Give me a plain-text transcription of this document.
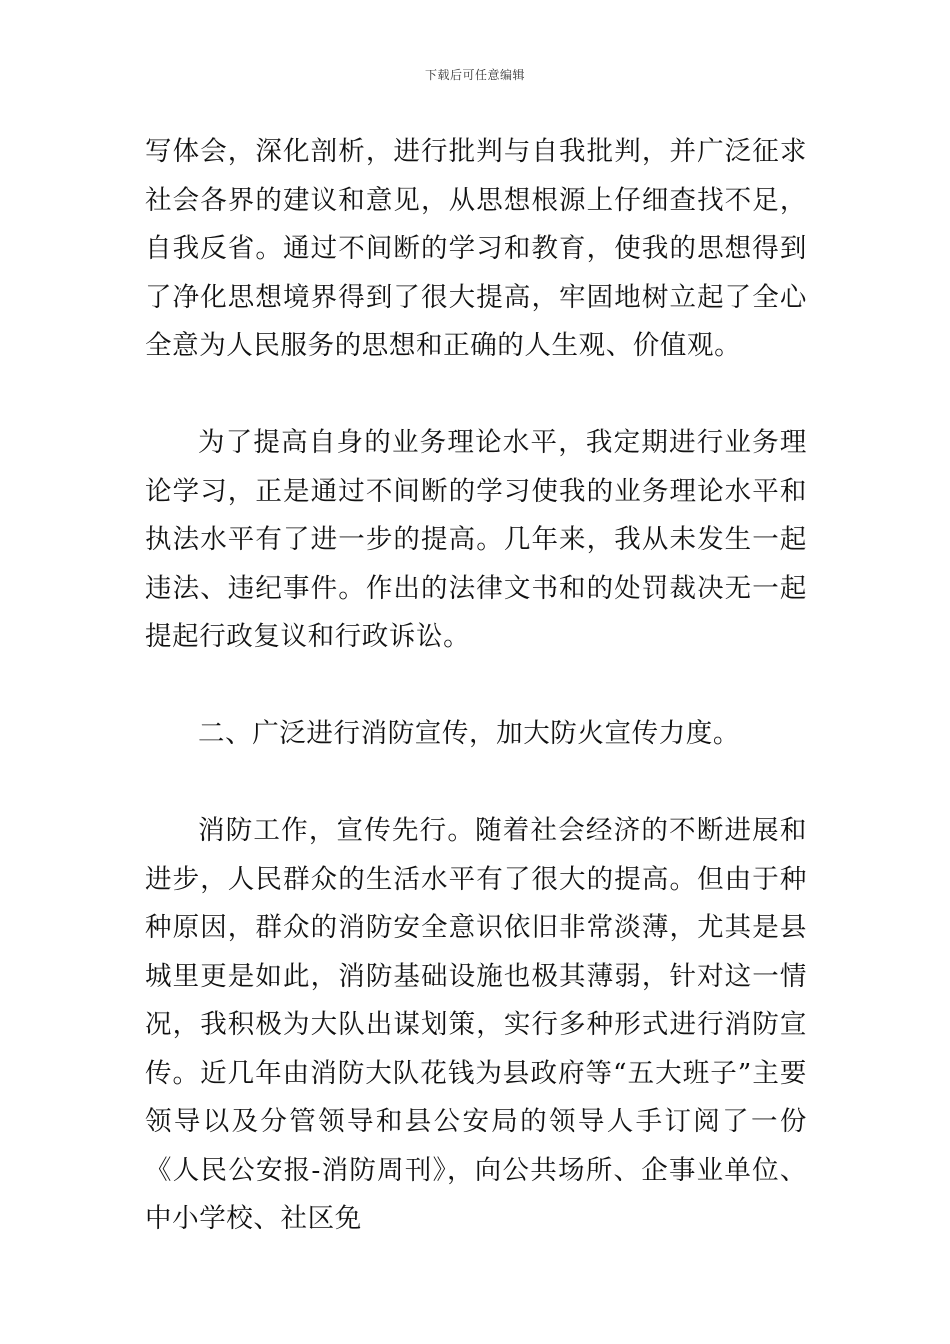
下载后可任意编辑

写体会，深化剖析，进行批判与自我批判，并广泛征求社会各界的建议和意见，从思想根源上仔细查找不足，自我反省。通过不间断的学习和教育，使我的思想得到了净化思想境界得到了很大提高，牢固地树立起了全心全意为人民服务的思想和正确的人生观、价值观。

为了提高自身的业务理论水平，我定期进行业务理论学习，正是通过不间断的学习使我的业务理论水平和执法水平有了进一步的提高。几年来，我从未发生一起违法、违纪事件。作出的法律文书和的处罚裁决无一起提起行政复议和行政诉讼。

二、广泛进行消防宣传，加大防火宣传力度。

消防工作，宣传先行。随着社会经济的不断进展和进步，人民群众的生活水平有了很大的提高。但由于种种原因，群众的消防安全意识依旧非常淡薄，尤其是县城里更是如此，消防基础设施也极其薄弱，针对这一情况，我积极为大队出谋划策，实行多种形式进行消防宣传。近几年由消防大队花钱为县政府等“五大班子”主要领导以及分管领导和县公安局的领导人手订阅了一份《人民公安报-消防周刊》，向公共场所、企事业单位、中小学校、社区免
